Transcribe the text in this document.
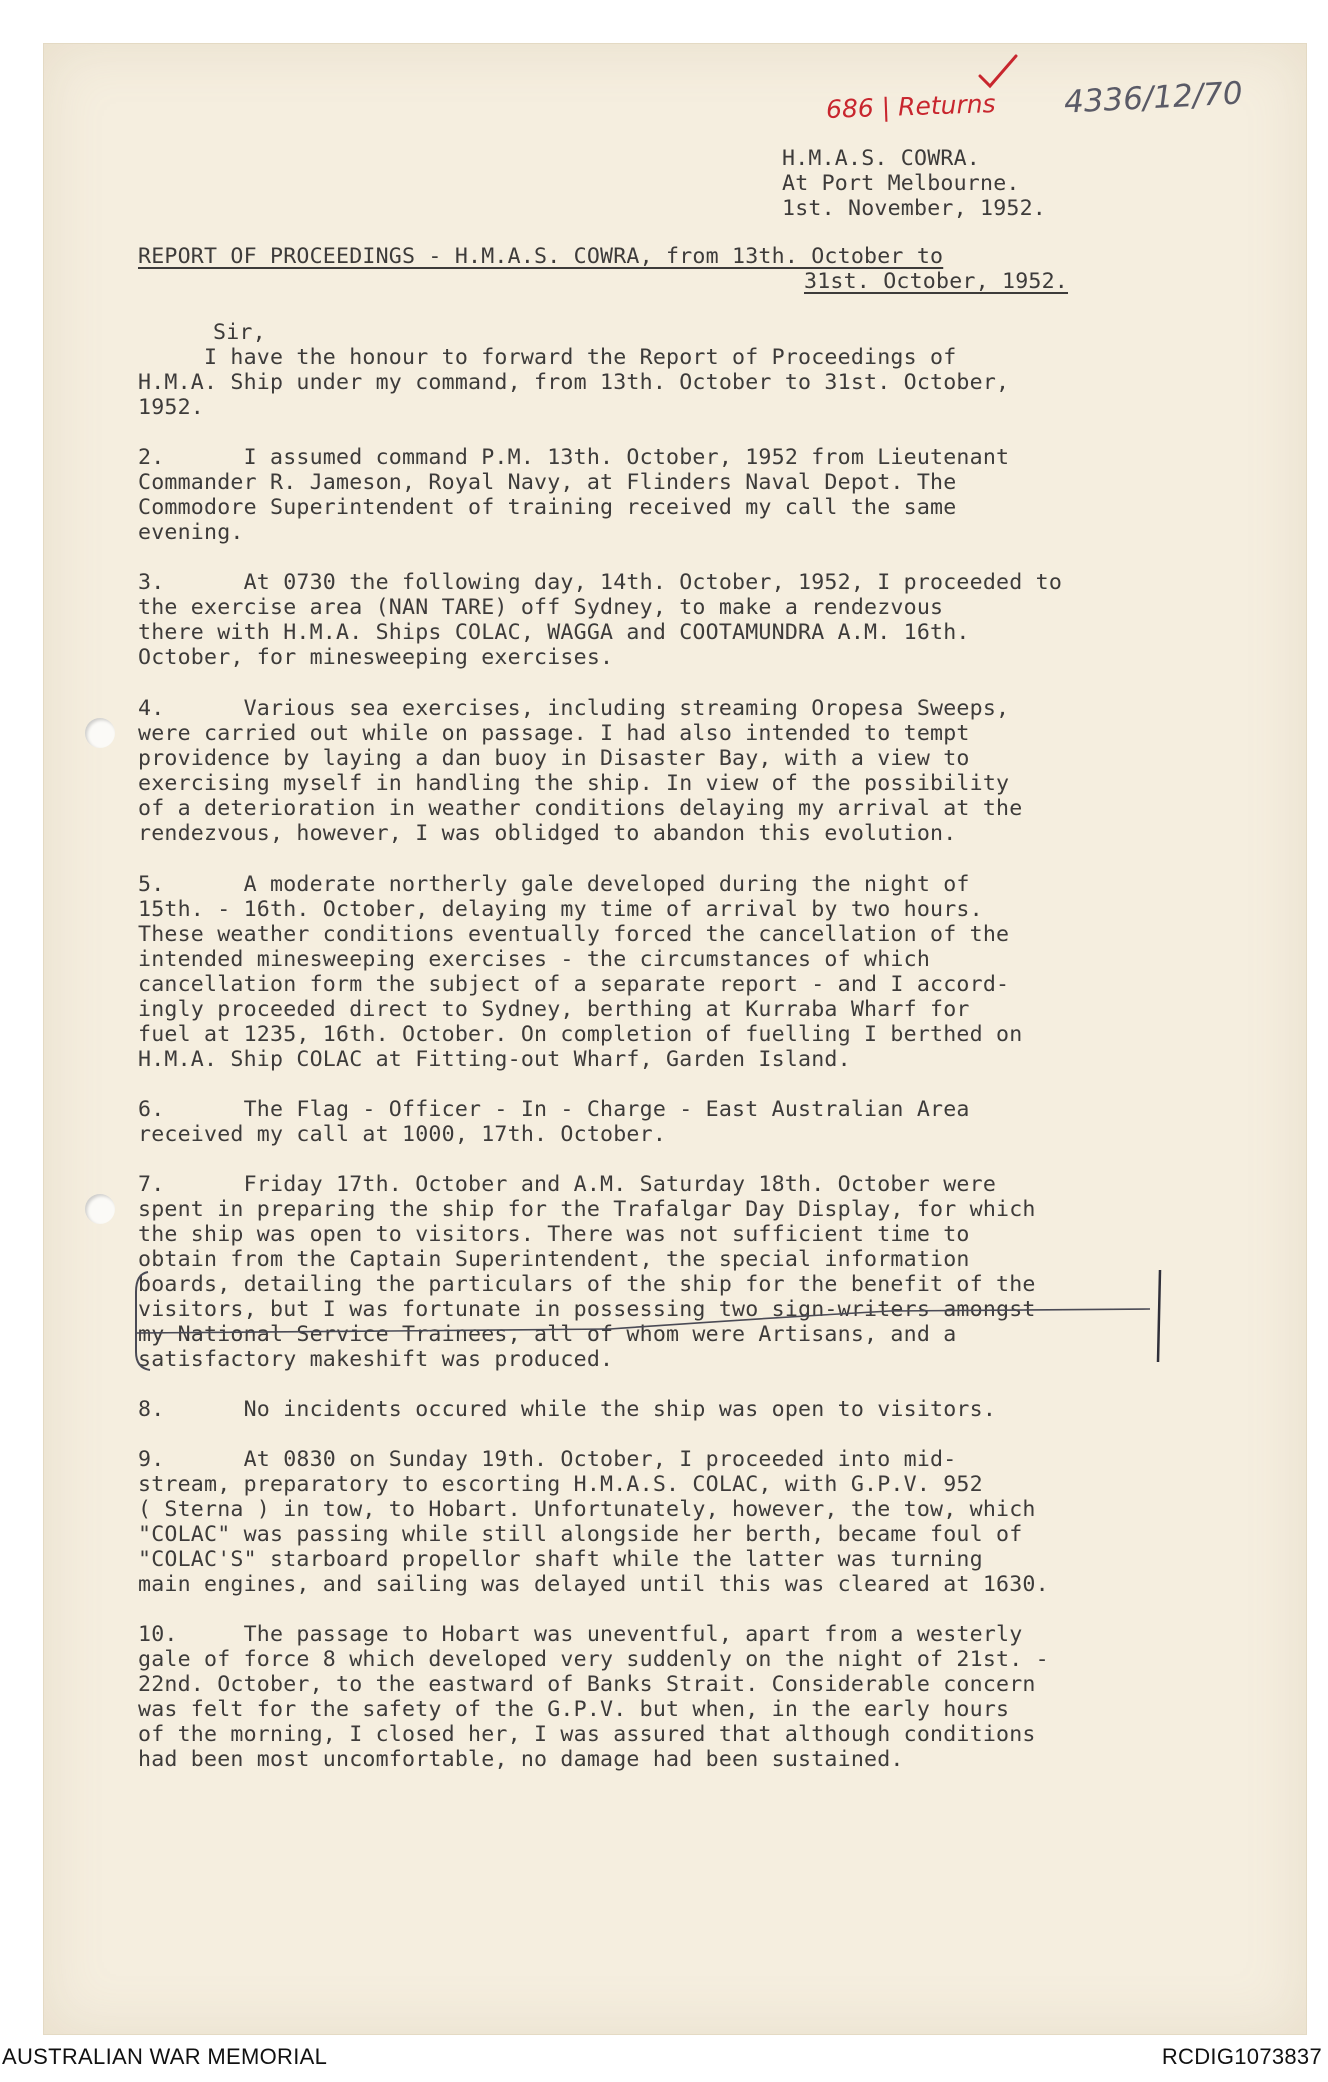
686 | Returns 4336/12/70
H.M.A.S. COWRA.
At Port Melbourne.
1st. November, 1952.
REPORT OF PROCEEDINGS - H.M.A.S. COWRA, from 13th. October to
31st. October, 1952.
Sir,
I have the honour to forward the Report of Proceedings of
H.M.A. Ship under my command, from 13th. October to 31st. October,
1952.
2.      I assumed command P.M. 13th. October, 1952 from Lieutenant
Commander R. Jameson, Royal Navy, at Flinders Naval Depot. The
Commodore Superintendent of training received my call the same
evening.
3.      At 0730 the following day, 14th. October, 1952, I proceeded to
the exercise area (NAN TARE) off Sydney, to make a rendezvous
there with H.M.A. Ships COLAC, WAGGA and COOTAMUNDRA A.M. 16th.
October, for minesweeping exercises.
4.      Various sea exercises, including streaming Oropesa Sweeps,
were carried out while on passage. I had also intended to tempt
providence by laying a dan buoy in Disaster Bay, with a view to
exercising myself in handling the ship. In view of the possibility
of a deterioration in weather conditions delaying my arrival at the
rendezvous, however, I was oblidged to abandon this evolution.
5.      A moderate northerly gale developed during the night of
15th. - 16th. October, delaying my time of arrival by two hours.
These weather conditions eventually forced the cancellation of the
intended minesweeping exercises - the circumstances of which
cancellation form the subject of a separate report - and I accord-
ingly proceeded direct to Sydney, berthing at Kurraba Wharf for
fuel at 1235, 16th. October. On completion of fuelling I berthed on
H.M.A. Ship COLAC at Fitting-out Wharf, Garden Island.
6.      The Flag - Officer - In - Charge - East Australian Area
received my call at 1000, 17th. October.
7.      Friday 17th. October and A.M. Saturday 18th. October were
spent in preparing the ship for the Trafalgar Day Display, for which
the ship was open to visitors. There was not sufficient time to
obtain from the Captain Superintendent, the special information
boards, detailing the particulars of the ship for the benefit of the
visitors, but I was fortunate in possessing two sign-writers amongst
my National Service Trainees, all of whom were Artisans, and a
satisfactory makeshift was produced.
8.      No incidents occured while the ship was open to visitors.
9.      At 0830 on Sunday 19th. October, I proceeded into mid-
stream, preparatory to escorting H.M.A.S. COLAC, with G.P.V. 952
( Sterna ) in tow, to Hobart. Unfortunately, however, the tow, which
"COLAC" was passing while still alongside her berth, became foul of
"COLAC'S" starboard propellor shaft while the latter was turning
main engines, and sailing was delayed until this was cleared at 1630.
10.     The passage to Hobart was uneventful, apart from a westerly
gale of force 8 which developed very suddenly on the night of 21st. -
22nd. October, to the eastward of Banks Strait. Considerable concern
was felt for the safety of the G.P.V. but when, in the early hours
of the morning, I closed her, I was assured that although conditions
had been most uncomfortable, no damage had been sustained.
AUSTRALIAN WAR MEMORIAL	RCDIG1073837
